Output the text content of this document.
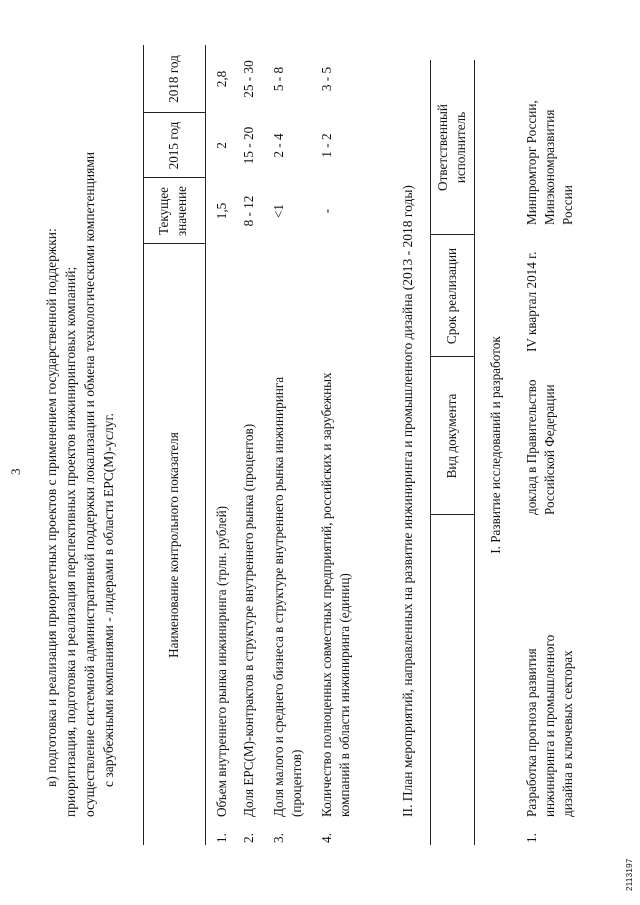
3 в) подготовка и реализация приоритетных проектов с применением государственной поддержки: приоритизация, подготовка и реализация перспективных проектов инжиниринговых компаний; осуществление системной административной поддержки локализации и обмена технологическими компетенциями с зарубежными компаниями - лидерами в области EPC(M)-услуг.	Наименование контрольного показателя
Текущее значение
2015 год
2018 год
1.
Объем внутреннего рынка инжиниринга (трлн. рублей)
1,5
2
2,8
2.
Доля EPC(M)-контрактов в структуре внутреннего рынка (процентов)
8 - 12
15 - 20
25 - 30
3.
Доля малого и среднего бизнеса в структуре внутреннего рынка инжиниринга (процентов)
<1
2 - 4
5 - 8
4.
Количество полноценных совместных предприятий, российских и зарубежных компаний в области инжиниринга (единиц)
-
1 - 2
3 - 5
II. План мероприятий, направленных на развитие инжиниринга и промышленного дизайна (2013 - 2018 годы) Вид документа
Срок реализации
Ответственный исполнитель
I. Развитие исследований и разработок
1.
Разработка прогноза развития инжиниринга и промышленного дизайна в ключевых секторах
доклад в Правительство Российской Федерации
IV квартал 2014 г.
Минпромторг России, Минэкономразвития России
2113197
